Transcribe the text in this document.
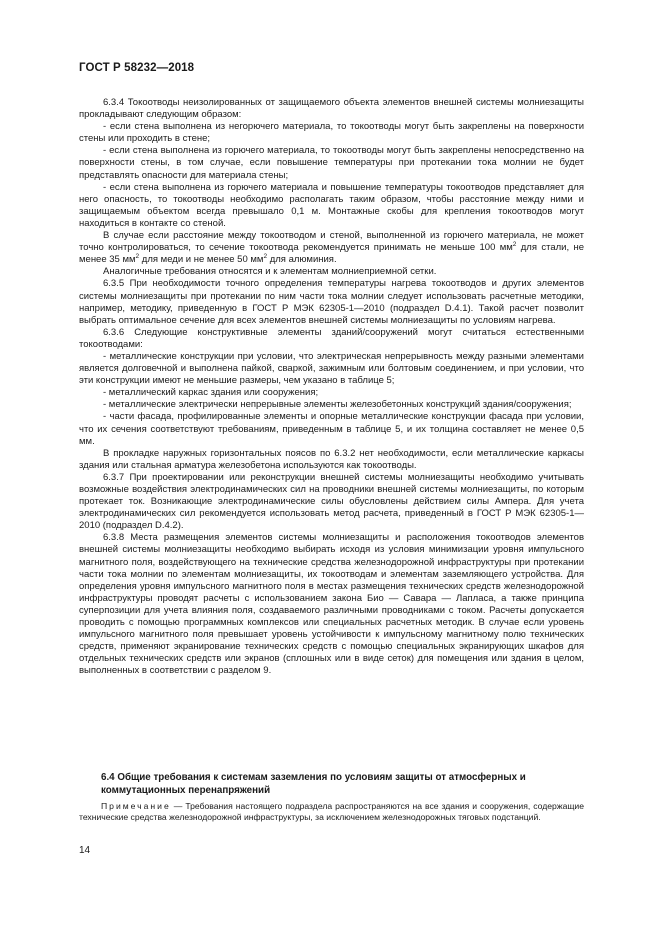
ГОСТ Р 58232—2018

6.3.4 Токоотводы неизолированных от защищаемого объекта элементов внешней системы молниезащиты прокладывают следующим образом:

- если стена выполнена из негорючего материала, то токоотводы могут быть закреплены на поверхности стены или проходить в стене;

- если стена выполнена из горючего материала, то токоотводы могут быть закреплены непосредственно на поверхности стены, в том случае, если повышение температуры при протекании тока молнии не будет представлять опасности для материала стены;

- если стена выполнена из горючего материала и повышение температуры токоотводов представляет для него опасность, то токоотводы необходимо располагать таким образом, чтобы расстояние между ними и защищаемым объектом всегда превышало 0,1 м. Монтажные скобы для крепления токоотводов могут находиться в контакте со стеной.

В случае если расстояние между токоотводом и стеной, выполненной из горючего материала, не может точно контролироваться, то сечение токоотвода рекомендуется принимать не меньше 100 $мм^2$ для стали, не менее 35 $мм^2$ для меди и не менее 50 $мм^2$ для алюминия.

Аналогичные требования относятся и к элементам молниеприемной сетки.

6.3.5 При необходимости точного определения температуры нагрева токоотводов и других элементов системы молниезащиты при протекании по ним части тока молнии следует использовать расчетные методики, например, методику, приведенную в ГОСТ Р МЭК 62305-1—2010 (подраздел D.4.1). Такой расчет позволит выбрать оптимальное сечение для всех элементов внешней системы молниезащиты по условиям нагрева.

6.3.6 Следующие конструктивные элементы зданий/сооружений могут считаться естественными токоотводами:

- металлические конструкции при условии, что электрическая непрерывность между разными элементами является долговечной и выполнена пайкой, сваркой, зажимным или болтовым соединением, и при условии, что эти конструкции имеют не меньшие размеры, чем указано в таблице 5;

- металлический каркас здания или сооружения;

- металлические электрически непрерывные элементы железобетонных конструкций здания/сооружения;

- части фасада, профилированные элементы и опорные металлические конструкции фасада при условии, что их сечения соответствуют требованиям, приведенным в таблице 5, и их толщина составляет не менее 0,5 мм.

В прокладке наружных горизонтальных поясов по 6.3.2 нет необходимости, если металлические каркасы здания или стальная арматура железобетона используются как токоотводы.

6.3.7 При проектировании или реконструкции внешней системы молниезащиты необходимо учитывать возможные воздействия электродинамических сил на проводники внешней системы молниезащиты, по которым протекает ток. Возникающие электродинамические силы обусловлены действием силы Ампера. Для учета электродинамических сил рекомендуется использовать метод расчета, приведенный в ГОСТ Р МЭК 62305-1—2010 (подраздел D.4.2).

6.3.8 Места размещения элементов системы молниезащиты и расположения токоотводов элементов внешней системы молниезащиты необходимо выбирать исходя из условия минимизации уровня импульсного магнитного поля, воздействующего на технические средства железнодорожной инфраструктуры при протекании части тока молнии по элементам молниезащиты, их токоотводам и элементам заземляющего устройства. Для определения уровня импульсного магнитного поля в местах размещения технических средств железнодорожной инфраструктуры проводят расчеты с использованием закона Био — Савара — Лапласа, а также принципа суперпозиции для учета влияния поля, создаваемого различными проводниками с током. Расчеты допускается проводить с помощью программных комплексов или специальных расчетных методик. В случае если уровень импульсного магнитного поля превышает уровень устойчивости к импульсному магнитному полю технических средств, применяют экранирование технических средств с помощью специальных экранирующих шкафов для отдельных технических средств или экранов (сплошных или в виде сеток) для помещения или здания в целом, выполненных в соответствии с разделом 9.

6.4 Общие требования к системам заземления по условиям защиты от атмосферных и коммутационных перенапряжений
Примечание — Требования настоящего подраздела распространяются на все здания и сооружения, содержащие технические средства железнодорожной инфраструктуры, за исключением железнодорожных тяговых подстанций.
14
